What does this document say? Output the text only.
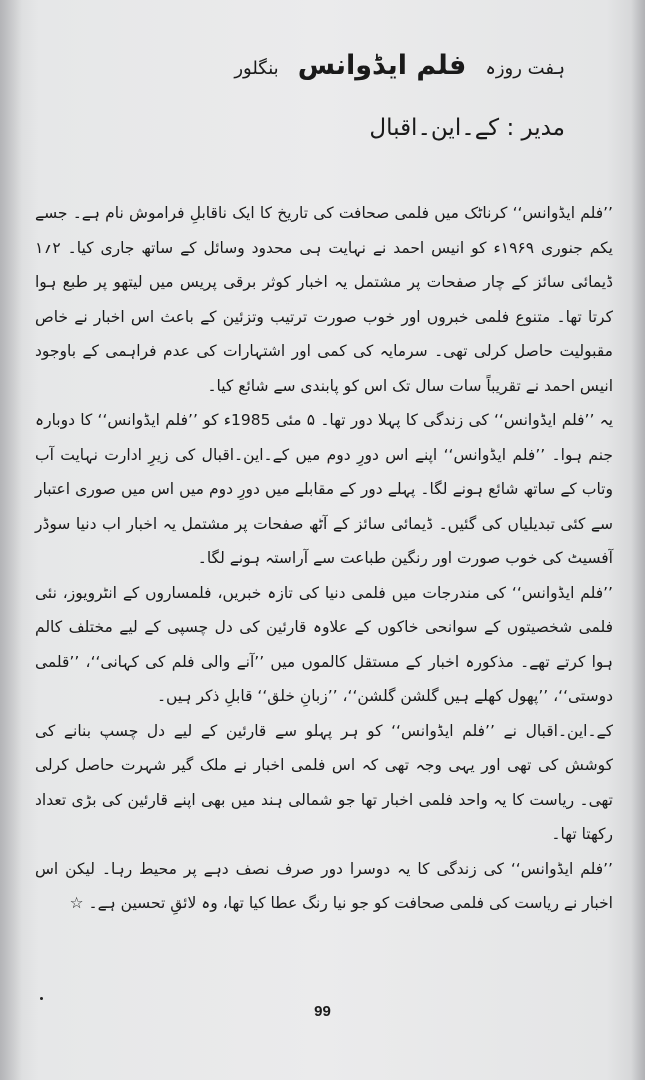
ہفت روزہ فلم ایڈوانس بنگلور
مدیر : کے۔این۔اقبال

’’فلم ایڈوانس‘‘ کرناٹک میں فلمی صحافت کی تاریخ کا ایک ناقابلِ فراموش نام ہے۔ جسے یکم جنوری ۱۹۶۹ء کو انیس احمد نے نہایت ہی محدود وسائل کے ساتھ جاری کیا۔ ۲؍۱ ڈیمائی سائز کے چار صفحات پر مشتمل یہ اخبار کوثر برقی پریس میں لیتھو پر طبع ہوا کرتا تھا۔ متنوع فلمی خبروں اور خوب صورت ترتیب وتزئین کے باعث اس اخبار نے خاص مقبولیت حاصل کرلی تھی۔ سرمایہ کی کمی اور اشتہارات کی عدم فراہمی کے باوجود انیس احمد نے تقریباً سات سال تک اس کو پابندی سے شائع کیا۔

یہ ’’فلم ایڈوانس‘‘ کی زندگی کا پہلا دور تھا۔ ۵ مئی 1985ء کو ’’فلم ایڈوانس‘‘ کا دوبارہ جنم ہوا۔ ’’فلم ایڈوانس‘‘ اپنے اس دورِ دوم میں کے۔این۔اقبال کی زیرِ ادارت نہایت آب وتاب کے ساتھ شائع ہونے لگا۔ پہلے دور کے مقابلے میں دورِ دوم میں اس میں صوری اعتبار سے کئی تبدیلیاں کی گئیں۔ ڈیمائی سائز کے آٹھ صفحات پر مشتمل یہ اخبار اب دنیا سوڈر آفسیٹ کی خوب صورت اور رنگین طباعت سے آراستہ ہونے لگا۔

’’فلم ایڈوانس‘‘ کی مندرجات میں فلمی دنیا کی تازہ خبریں، فلمساروں کے انٹرویوز، نئی فلمی شخصیتوں کے سوانحی خاکوں کے علاوہ قارئین کی دل چسپی کے لیے مختلف کالم ہوا کرتے تھے۔ مذکورہ اخبار کے مستقل کالموں میں ’’آنے والی فلم کی کہانی‘‘، ’’قلمی دوستی‘‘، ’’پھول کھلے ہیں گلشن گلشن‘‘، ’’زبانِ خلق‘‘ قابلِ ذکر ہیں۔

کے۔این۔اقبال نے ’’فلم ایڈوانس‘‘ کو ہر پہلو سے قارئین کے لیے دل چسپ بنانے کی کوشش کی تھی اور یہی وجہ تھی کہ اس فلمی اخبار نے ملک گیر شہرت حاصل کرلی تھی۔ ریاست کا یہ واحد فلمی اخبار تھا جو شمالی ہند میں بھی اپنے قارئین کی بڑی تعداد رکھتا تھا۔

’’فلم ایڈوانس‘‘ کی زندگی کا یہ دوسرا دور صرف نصف دہے پر محیط رہا۔ لیکن اس اخبار نے ریاست کی فلمی صحافت کو جو نیا رنگ عطا کیا تھا، وہ لائقِ تحسین ہے۔ ☆

99
